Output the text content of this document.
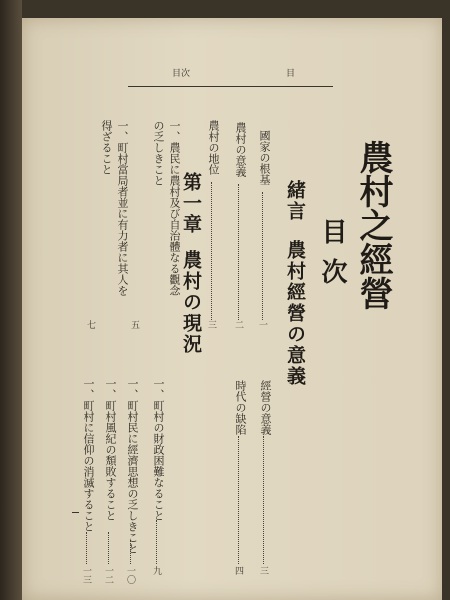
目次	目
農村之經營
目次
緒言
農村經營の意義
國家の根基
一
農村の意義
二
農村の地位
三
經營の意義
三
時代の缺陷
四
第一章
農村の現況
一、農民に農村及び自治體なる觀念の乏しきこと
五
一、町村當局者並に有力者に其人を得ざること
七
一、町村の財政困難なること
九
一、町村民に經濟思想の乏しきこと
一〇
一、町村風紀の頽敗すること
一二
一、町村に信仰の消滅すること
一三
